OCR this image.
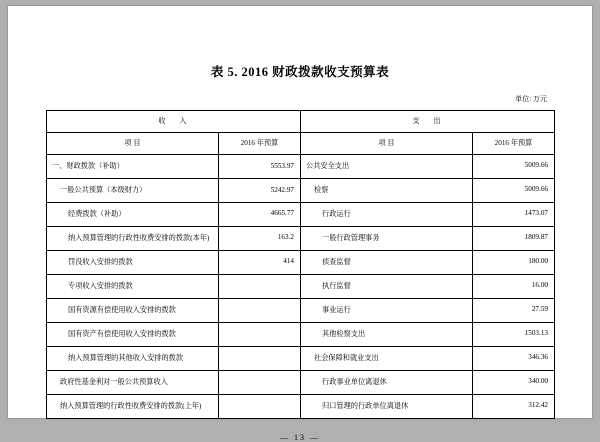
表 5. 2016 财政拨款收支预算表
单位: 万元
收 入		支 出	
项 目	2016 年预算	项 目	2016 年预算
一、财政拨款（补助）	5553.97	公共安全支出	5009.66
一般公共预算（本级财力）	5242.97	检察	5009.66
经费拨款（补助）	4665.77	行政运行	1473.07
纳入预算管理的行政性收费安排的拨款(本年)	163.2	一般行政管理事务	1809.87
罚没收入安排的拨款	414	侦查监督	180.00
专项收入安排的拨款		执行监督	16.00
国有资源有偿使用收入安排的拨款		事业运行	27.59
国有资产有偿使用收入安排的拨款		其他检察支出	1503.13
纳入预算管理的其他收入安排的拨款		社会保障和就业支出	346.36
政府性基金利对一般公共预算收入		行政事业单位离退休	340.00
纳入预算管理的行政性收费安排的拨款(上年)		归口管理的行政单位离退休	312.42
— 13 —
